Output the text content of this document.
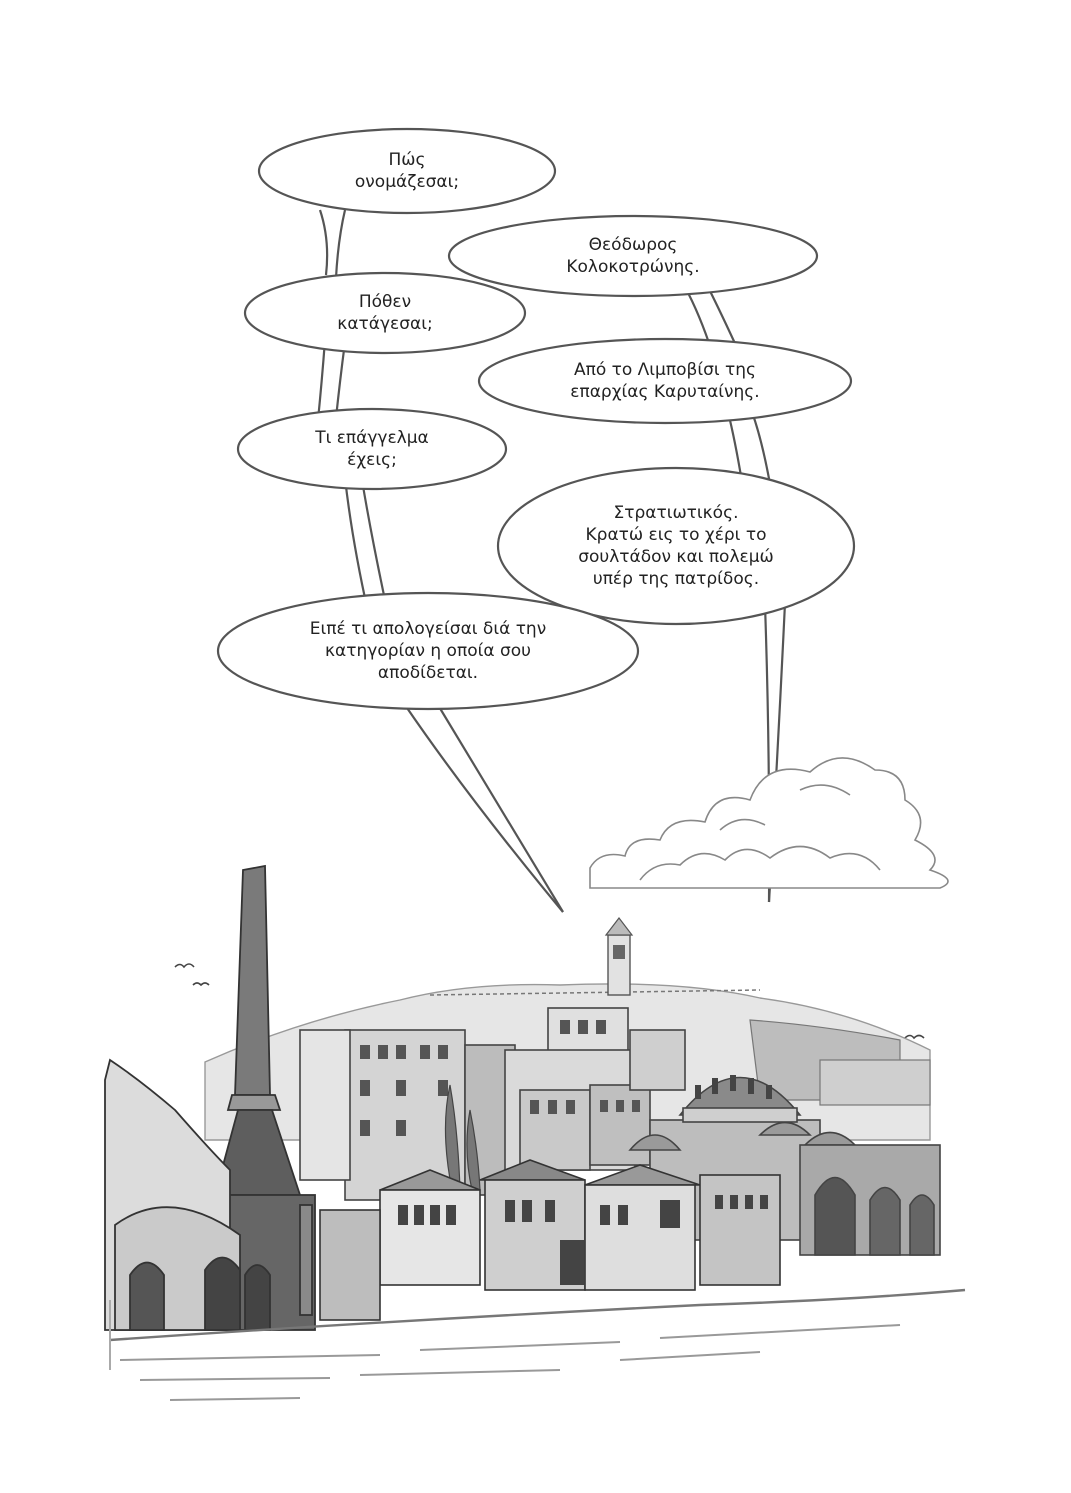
Πώς
ονομάζεσαι;
Θεόδωρος
Κολοκοτρώνης.
Πόθεν
κατάγεσαι;
Από το Λιμποβίσι της
επαρχίας Καρυταίνης.
Τι επάγγελμα
έχεις;
Στρατιωτικός.
Κρατώ εις το χέρι το
σουλτάδον και πολεμώ
υπέρ της πατρίδος.
Ειπέ τι απολογείσαι διά την
κατηγορίαν η οποία σου
αποδίδεται.
